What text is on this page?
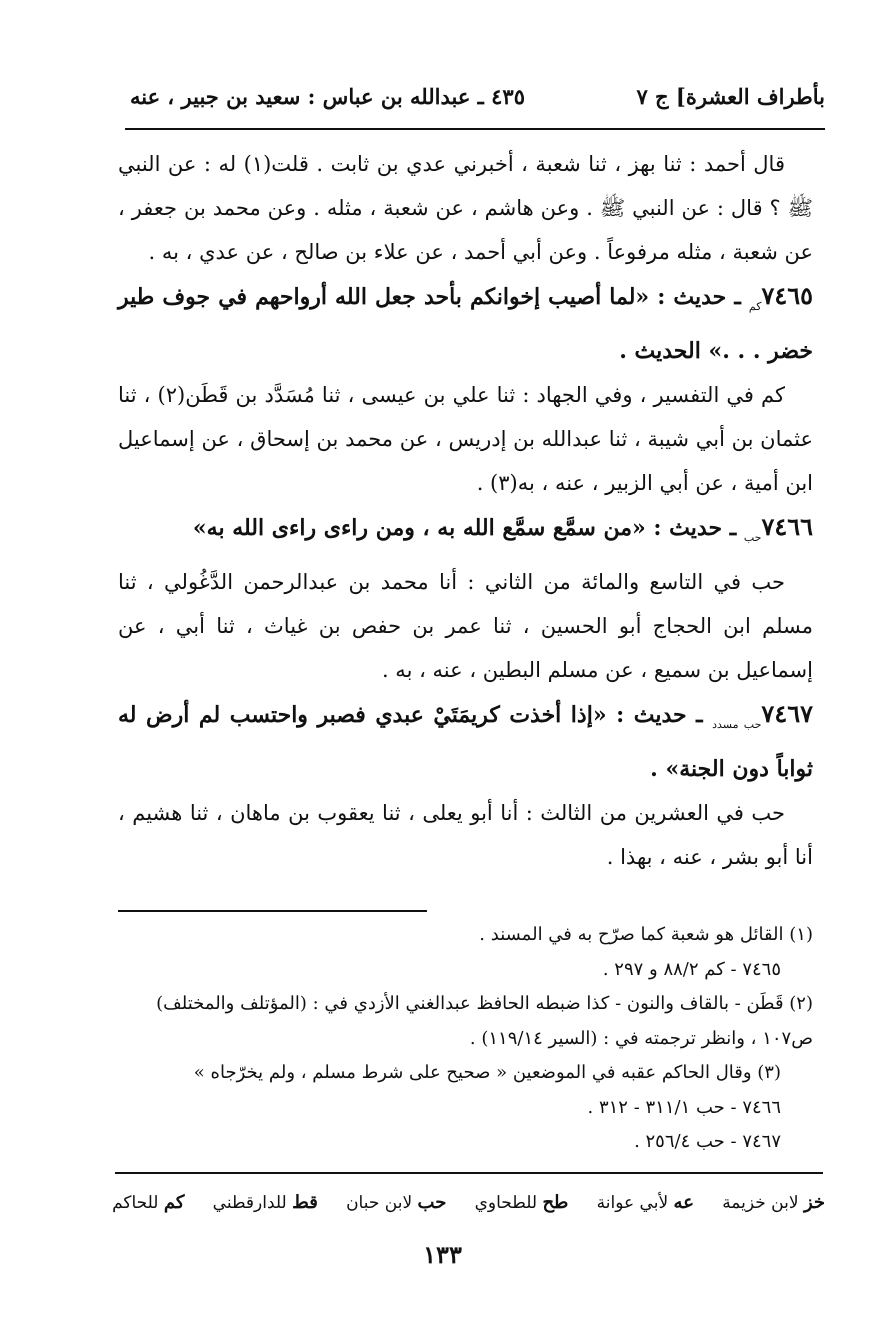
بأطراف العشرة] ج ٧
٤٣٥ ـ عبدالله بن عباس : سعيد بن جبير ، عنه

قال أحمد : ثنا بهز ، ثنا شعبة ، أخبرني عدي بن ثابت . قلت(١) له : عن النبي ﷺ ؟ قال : عن النبي ﷺ . وعن هاشم ، عن شعبة ، مثله . وعن محمد بن جعفر ، عن شعبة ، مثله مرفوعاً . وعن أبي أحمد ، عن علاء بن صالح ، عن عدي ، به .

$٧٤٦٥_{كم}$ ـ حديث : «لما أصيب إخوانكم بأحد جعل الله أرواحهم في جوف طير خضر . . .» الحديث .

كم في التفسير ، وفي الجهاد : ثنا علي بن عيسى ، ثنا مُسَدَّد بن قَطَن(٢) ، ثنا عثمان بن أبي شيبة ، ثنا عبدالله بن إدريس ، عن محمد بن إسحاق ، عن إسماعيل ابن أمية ، عن أبي الزبير ، عنه ، به(٣) .

$٧٤٦٦_{حب}$ ـ حديث : «من سمَّع سمَّع الله به ، ومن راءى راءى الله به»

حب في التاسع والمائة من الثاني : أنا محمد بن عبدالرحمن الدَّغُولي ، ثنا مسلم ابن الحجاج أبو الحسين ، ثنا عمر بن حفص بن غياث ، ثنا أبي ، عن إسماعيل بن سميع ، عن مسلم البطين ، عنه ، به .

$٧٤٦٧_{حب مسدد}$ ـ حديث : «إذا أخذت كريمَتَيْ عبدي فصبر واحتسب لم أرض له ثواباً دون الجنة» .

حب في العشرين من الثالث : أنا أبو يعلى ، ثنا يعقوب بن ماهان ، ثنا هشيم ، أنا أبو بشر ، عنه ، بهذا .

(١) القائل هو شعبة كما صرّح به في المسند .

٧٤٦٥ - كم ٨٨/٢ و ٢٩٧ .

(٢) قَطَن - بالقاف والنون - كذا ضبطه الحافظ عبدالغني الأزدي في : (المؤتلف والمختلف) ص١٠٧ ، وانظر ترجمته في : (السير ١١٩/١٤) .

(٣) وقال الحاكم عقبه في الموضعين « صحيح على شرط مسلم ، ولم يخرّجاه »

٧٤٦٦ - حب ٣١١/١ - ٣١٢ .

٧٤٦٧ - حب ٢٥٦/٤ .

خز لابن خزيمة
عه لأبي عوانة
طح للطحاوي
حب لابن حبان
قط للدارقطني
كم للحاكم
١٣٣
